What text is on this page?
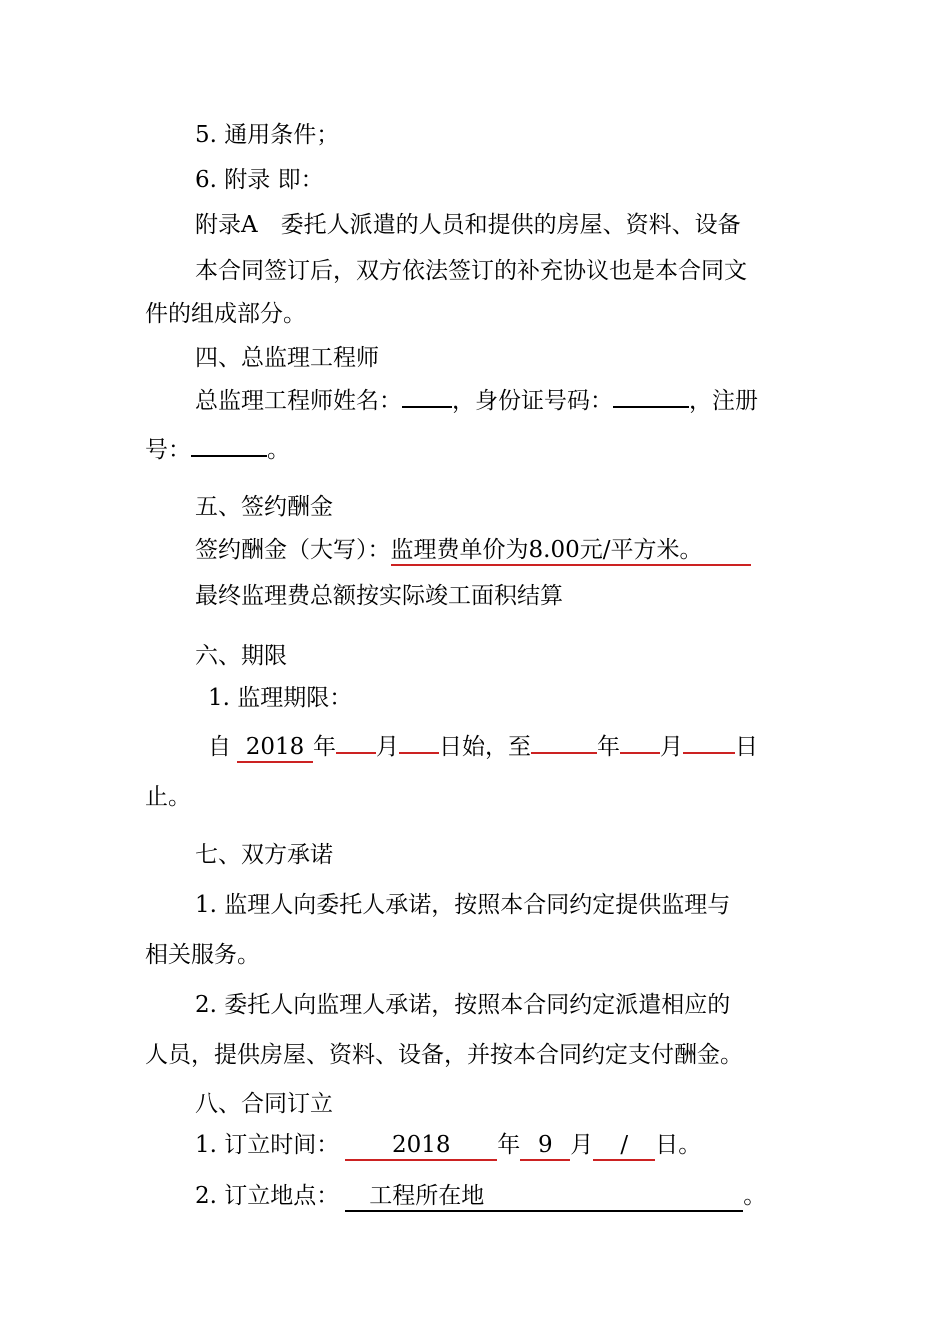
5. 通用条件；
6. 附录 即：
附录A　委托人派遣的人员和提供的房屋、资料、设备
本合同签订后，双方依法签订的补充协议也是本合同文
件的组成部分。
四、总监理工程师
总监理工程师姓名： ，身份证号码：	，注册
号：	。
五、签约酬金
签约酬金（大写）：监理费单价为8.00元/平方米。
最终监理费总额按实际竣工面积结算
六、期限
1. 监理期限：
自 2018 年 月 日始，至	年 月 日
止。
七、双方承诺
1. 监理人向委托人承诺，按照本合同约定提供监理与
相关服务。
2. 委托人向监理人承诺，按照本合同约定派遣相应的
人员，提供房屋、资料、设备，并按本合同约定支付酬金。
八、合同订立
1. 订立时间： 2018 年 9 月 / 日。
2. 订立地点： 工程所在地	。
